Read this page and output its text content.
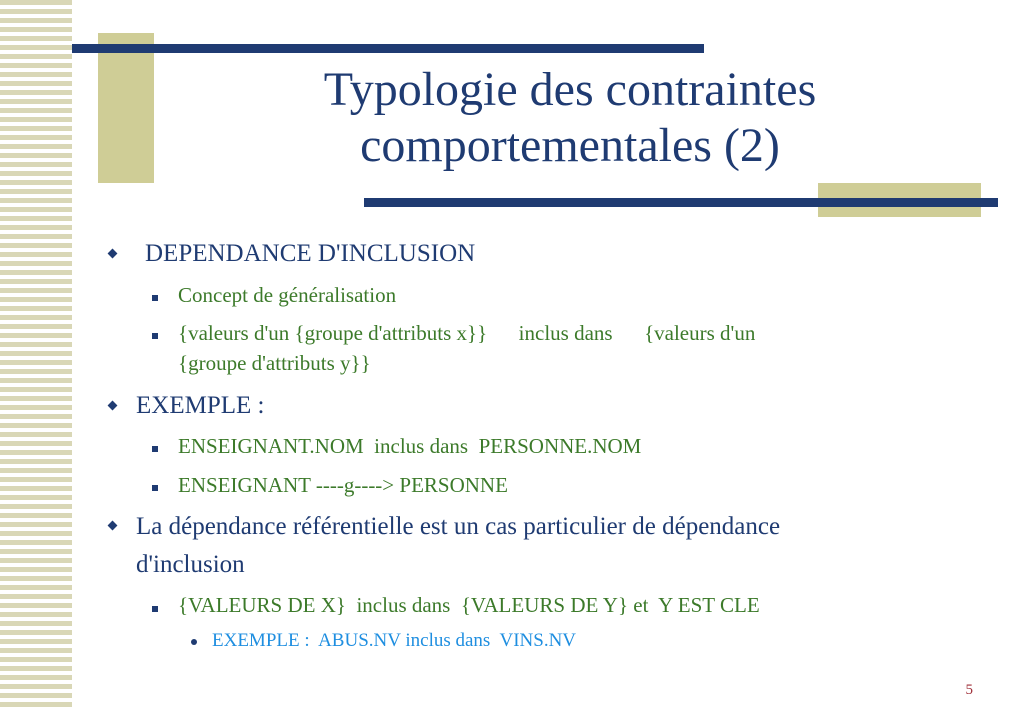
Typologie des contraintes
comportementales (2)
DEPENDANCE D'INCLUSION
Concept de généralisation
{valeurs d'un {groupe d'attributs x}}      inclus dans      {valeurs d'un
{groupe d'attributs y}}
EXEMPLE :
ENSEIGNANT.NOM  inclus dans  PERSONNE.NOM
ENSEIGNANT ----g----> PERSONNE
La dépendance référentielle est un cas particulier de dépendance
d'inclusion
{VALEURS DE X}  inclus dans  {VALEURS DE Y} et  Y EST CLE
EXEMPLE :  ABUS.NV inclus dans  VINS.NV
5
